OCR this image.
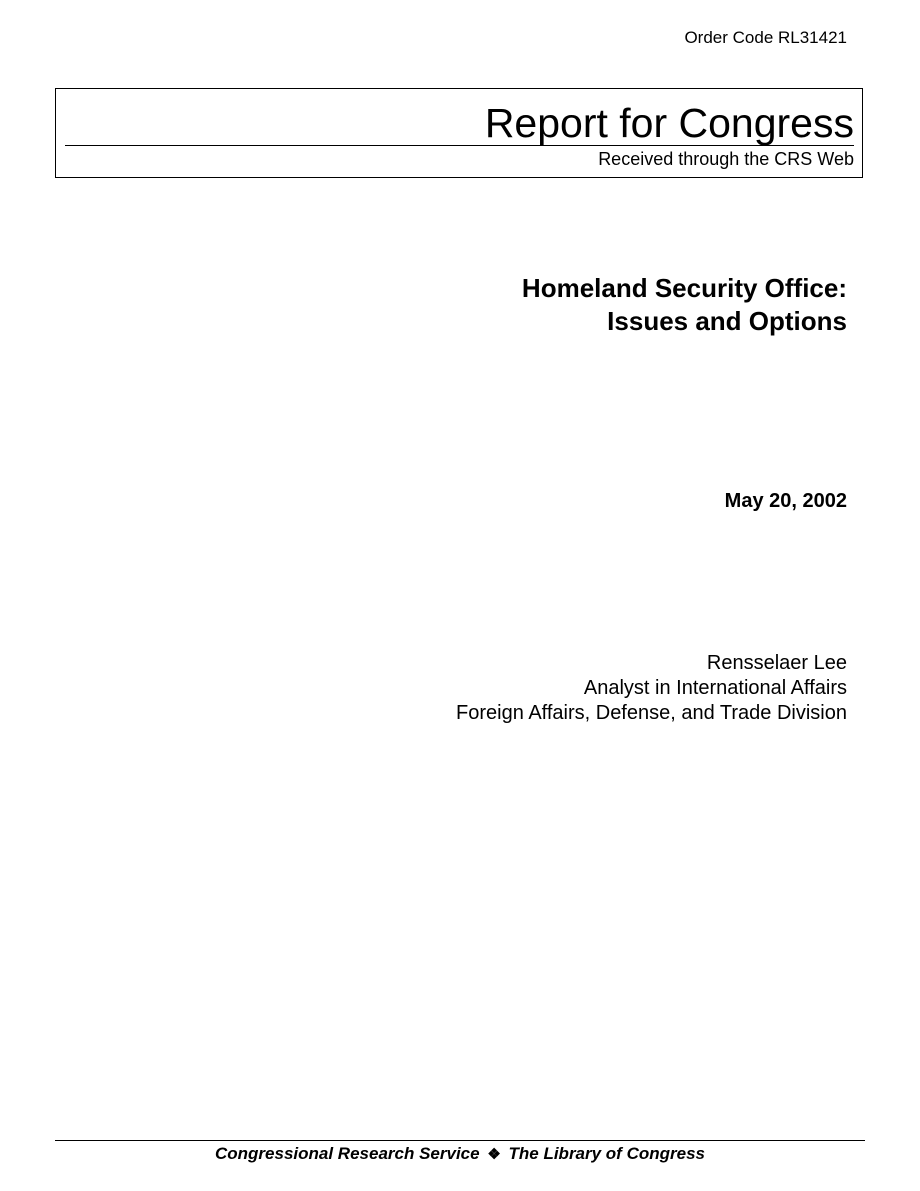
Order Code RL31421
Report for Congress
Received through the CRS Web
Homeland Security Office:
Issues and Options
May 20, 2002
Rensselaer Lee
Analyst in International Affairs
Foreign Affairs, Defense, and Trade Division
Congressional Research Service ❖ The Library of Congress
